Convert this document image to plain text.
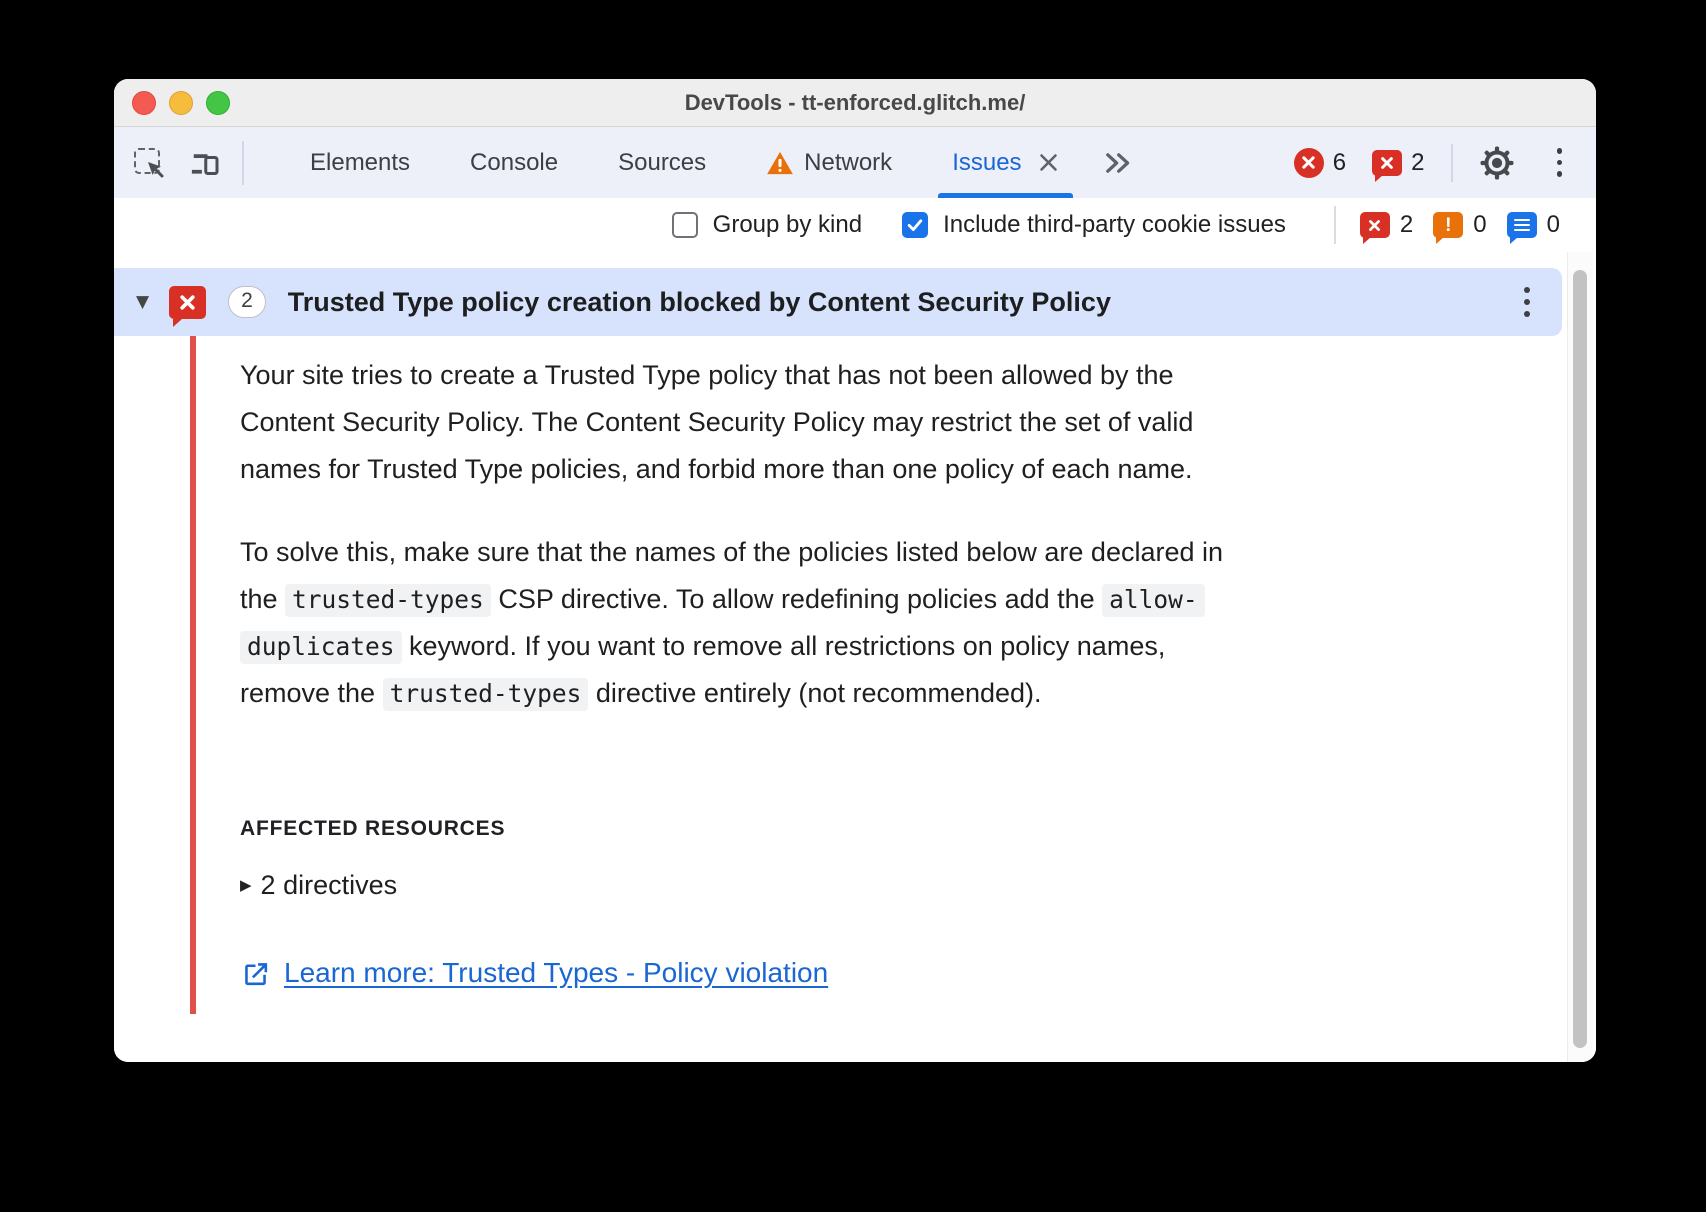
DevTools - tt-enforced.glitch.me/
Elements	Console	Sources	Network	Issues	6	2
Group by kind	Include third-party cookie issues	2 ! 0	0
▼	2	Trusted Type policy creation blocked by Content Security Policy
Your site tries to create a Trusted Type policy that has not been allowed by the
Content Security Policy. The Content Security Policy may restrict the set of valid
names for Trusted Type policies, and forbid more than one policy of each name.
To solve this, make sure that the names of the policies listed below are declared in
the trusted-types CSP directive. To allow redefining policies add the allow-
duplicates keyword. If you want to remove all restrictions on policy names,
remove the trusted-types directive entirely (not recommended).
AFFECTED RESOURCES
▶ 2 directives
Learn more: Trusted Types - Policy violation
